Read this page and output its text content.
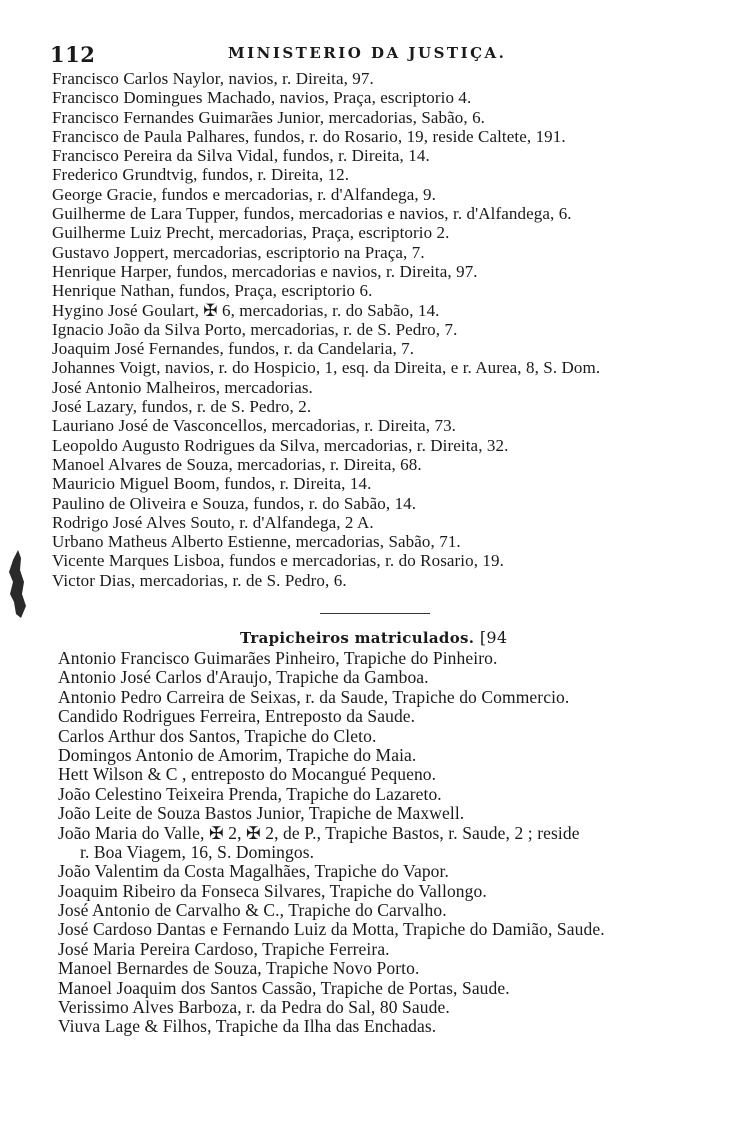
112	MINISTERIO DA JUSTIÇA.
Francisco Carlos Naylor, navios, r. Direita, 97.
Francisco Domingues Machado, navios, Praça, escriptorio 4.
Francisco Fernandes Guimarães Junior, mercadorias, Sabão, 6.
Francisco de Paula Palhares, fundos, r. do Rosario, 19, reside Caltete, 191.
Francisco Pereira da Silva Vidal, fundos, r. Direita, 14.
Frederico Grundtvig, fundos, r. Direita, 12.
George Gracie, fundos e mercadorias, r. d'Alfandega, 9.
Guilherme de Lara Tupper, fundos, mercadorias e navios, r. d'Alfandega, 6.
Guilherme Luiz Precht, mercadorias, Praça, escriptorio 2.
Gustavo Joppert, mercadorias, escriptorio na Praça, 7.
Henrique Harper, fundos, mercadorias e navios, r. Direita, 97.
Henrique Nathan, fundos, Praça, escriptorio 6.
Hygino José Goulart, ✠ 6, mercadorias, r. do Sabão, 14.
Ignacio João da Silva Porto, mercadorias, r. de S. Pedro, 7.
Joaquim José Fernandes, fundos, r. da Candelaria, 7.
Johannes Voigt, navios, r. do Hospicio, 1, esq. da Direita, e r. Aurea, 8, S. Dom.
José Antonio Malheiros, mercadorias.
José Lazary, fundos, r. de S. Pedro, 2.
Lauriano José de Vasconcellos, mercadorias, r. Direita, 73.
Leopoldo Augusto Rodrigues da Silva, mercadorias, r. Direita, 32.
Manoel Alvares de Souza, mercadorias, r. Direita, 68.
Mauricio Miguel Boom, fundos, r. Direita, 14.
Paulino de Oliveira e Souza, fundos, r. do Sabão, 14.
Rodrigo José Alves Souto, r. d'Alfandega, 2 A.
Urbano Matheus Alberto Estienne, mercadorias, Sabão, 71.
Vicente Marques Lisboa, fundos e mercadorias, r. do Rosario, 19.
Victor Dias, mercadorias, r. de S. Pedro, 6.
Trapicheiros matriculados. [94
Antonio Francisco Guimarães Pinheiro, Trapiche do Pinheiro.
Antonio José Carlos d'Araujo, Trapiche da Gamboa.
Antonio Pedro Carreira de Seixas, r. da Saude, Trapiche do Commercio.
Candido Rodrigues Ferreira, Entreposto da Saude.
Carlos Arthur dos Santos, Trapiche do Cleto.
Domingos Antonio de Amorim, Trapiche do Maia.
Hett Wilson & C , entreposto do Mocangué Pequeno.
João Celestino Teixeira Prenda, Trapiche do Lazareto.
João Leite de Souza Bastos Junior, Trapiche de Maxwell.
João Maria do Valle, ✠ 2, ✠ 2, de P., Trapiche Bastos, r. Saude, 2 ; reside
r. Boa Viagem, 16, S. Domingos.
João Valentim da Costa Magalhães, Trapiche do Vapor.
Joaquim Ribeiro da Fonseca Silvares, Trapiche do Vallongo.
José Antonio de Carvalho & C., Trapiche do Carvalho.
José Cardoso Dantas e Fernando Luiz da Motta, Trapiche do Damião, Saude.
José Maria Pereira Cardoso, Trapiche Ferreira.
Manoel Bernardes de Souza, Trapiche Novo Porto.
Manoel Joaquim dos Santos Cassão, Trapiche de Portas, Saude.
Verissimo Alves Barboza, r. da Pedra do Sal, 80 Saude.
Viuva Lage & Filhos, Trapiche da Ilha das Enchadas.
